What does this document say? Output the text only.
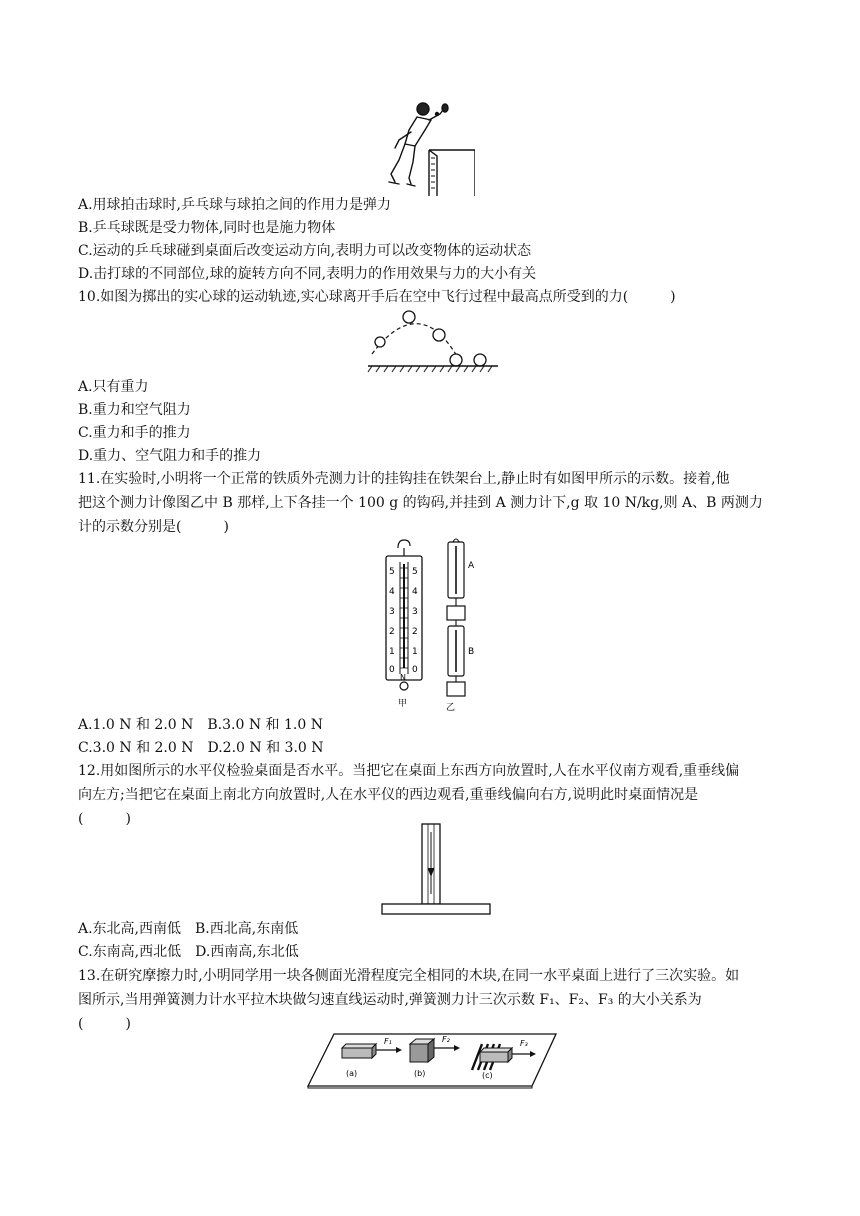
A.用球拍击球时,乒乓球与球拍之间的作用力是弹力
B.乒乓球既是受力物体,同时也是施力物体
C.运动的乒乓球碰到桌面后改变运动方向,表明力可以改变物体的运动状态
D.击打球的不同部位,球的旋转方向不同,表明力的作用效果与力的大小有关
10.如图为掷出的实心球的运动轨迹,实心球离开手后在空中飞行过程中最高点所受到的力(　　　)
A.只有重力
B.重力和空气阻力
C.重力和手的推力
D.重力、空气阻力和手的推力
11.在实验时,小明将一个正常的铁质外壳测力计的挂钩挂在铁架台上,静止时有如图甲所示的示数。接着,他
把这个测力计像图乙中 B 那样,上下各挂一个 100 g 的钩码,并挂到 A 测力计下,g 取 10 N/kg,则 A、B 两测力
计的示数分别是(　　　)
5
4
3
2
1
0
5
4
3
2
1
0
N
甲
A
B
乙
A.1.0 N 和 2.0 N　B.3.0 N 和 1.0 N
C.3.0 N 和 2.0 N　D.2.0 N 和 3.0 N
12.用如图所示的水平仪检验桌面是否水平。当把它在桌面上东西方向放置时,人在水平仪南方观看,重垂线偏
向左方;当把它在桌面上南北方向放置时,人在水平仪的西边观看,重垂线偏向右方,说明此时桌面情况是
(　　　)
A.东北高,西南低　B.西北高,东南低
C.东南高,西北低　D.西南高,东北低
13.在研究摩擦力时,小明同学用一块各侧面光滑程度完全相同的木块,在同一水平桌面上进行了三次实验。如
图所示,当用弹簧测力计水平拉木块做匀速直线运动时,弹簧测力计三次示数 F₁、F₂、F₃ 的大小关系为
(　　　)
F₁
(a)
F₂
(b)
F₃
(c)
